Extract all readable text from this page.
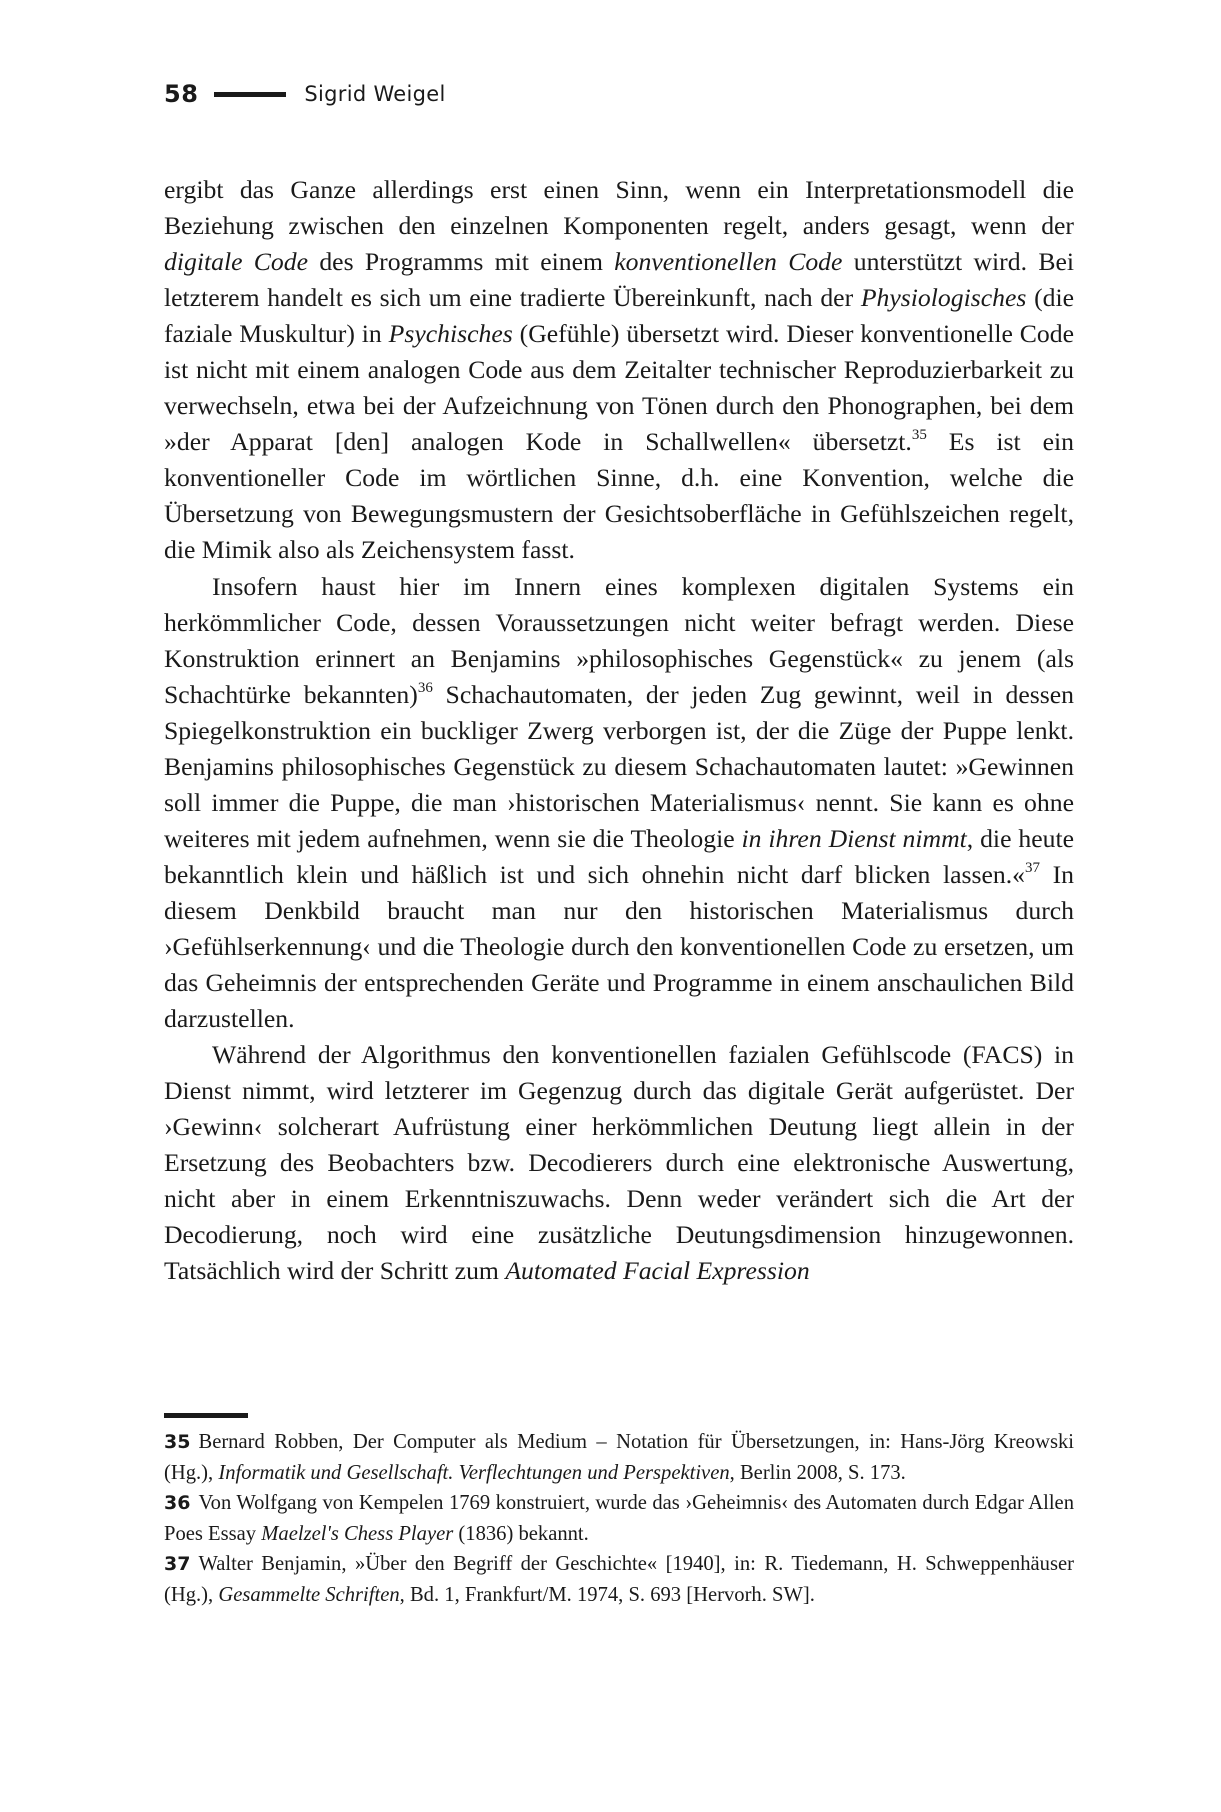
58	Sigrid Weigel

ergibt das Ganze allerdings erst einen Sinn, wenn ein Interpretationsmodell die Beziehung zwischen den einzelnen Komponenten regelt, anders gesagt, wenn der digitale Code des Programms mit einem konventionellen Code unterstützt wird. Bei letzterem handelt es sich um eine tradierte Übereinkunft, nach der Physiologisches (die faziale Muskultur) in Psychisches (Gefühle) übersetzt wird. Dieser konventionelle Code ist nicht mit einem analogen Code aus dem Zeitalter technischer Reproduzierbarkeit zu verwechseln, etwa bei der Aufzeichnung von Tönen durch den Phonographen, bei dem »der Apparat [den] analogen Kode in Schallwellen« übersetzt.$^{35}$ Es ist ein konventioneller Code im wörtlichen Sinne, d.h. eine Konvention, welche die Übersetzung von Bewegungsmustern der Gesichtsoberfläche in Gefühlszeichen regelt, die Mimik also als Zeichensystem fasst.

Insofern haust hier im Innern eines komplexen digitalen Systems ein herkömmlicher Code, dessen Voraussetzungen nicht weiter befragt werden. Diese Konstruktion erinnert an Benjamins »philosophisches Gegenstück« zu jenem (als Schachtürke bekannten)$^{36}$ Schachautomaten, der jeden Zug gewinnt, weil in dessen Spiegelkonstruktion ein buckliger Zwerg verborgen ist, der die Züge der Puppe lenkt. Benjamins philosophisches Gegenstück zu diesem Schachautomaten lautet: »Gewinnen soll immer die Puppe, die man ›historischen Materialismus‹ nennt. Sie kann es ohne weiteres mit jedem aufnehmen, wenn sie die Theologie in ihren Dienst nimmt, die heute bekanntlich klein und häßlich ist und sich ohnehin nicht darf blicken lassen.«$^{37}$ In diesem Denkbild braucht man nur den historischen Materialismus durch ›Gefühlserkennung‹ und die Theologie durch den konventionellen Code zu ersetzen, um das Geheimnis der entsprechenden Geräte und Programme in einem anschaulichen Bild darzustellen.

Während der Algorithmus den konventionellen fazialen Gefühlscode (FACS) in Dienst nimmt, wird letzterer im Gegenzug durch das digitale Gerät aufgerüstet. Der ›Gewinn‹ solcherart Aufrüstung einer herkömmlichen Deutung liegt allein in der Ersetzung des Beobachters bzw. Decodierers durch eine elektronische Auswertung, nicht aber in einem Erkenntniszuwachs. Denn weder verändert sich die Art der Decodierung, noch wird eine zusätzliche Deutungsdimension hinzugewonnen. Tatsächlich wird der Schritt zum Automated Facial Expression

35 Bernard Robben, Der Computer als Medium – Notation für Übersetzungen, in: Hans-Jörg Kreowski (Hg.), Informatik und Gesellschaft. Verflechtungen und Perspektiven, Berlin 2008, S. 173.

36 Von Wolfgang von Kempelen 1769 konstruiert, wurde das ›Geheimnis‹ des Automaten durch Edgar Allen Poes Essay Maelzel's Chess Player (1836) bekannt.

37 Walter Benjamin, »Über den Begriff der Geschichte« [1940], in: R. Tiedemann, H. Schweppenhäuser (Hg.), Gesammelte Schriften, Bd. 1, Frankfurt/M. 1974, S. 693 [Hervorh. SW].
